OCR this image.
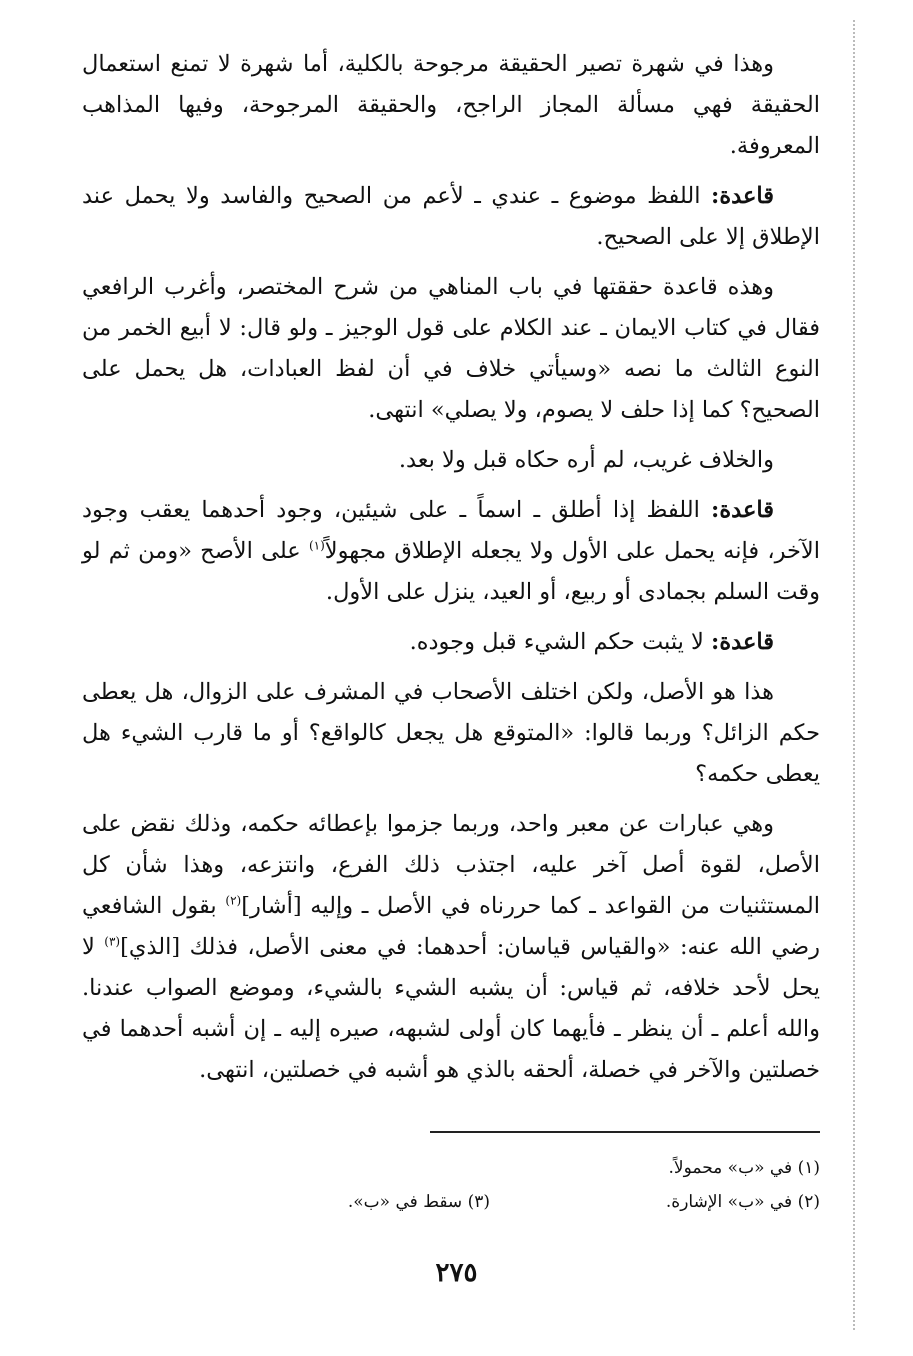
وهذا في شهرة تصير الحقيقة مرجوحة بالكلية، أما شهرة لا تمنع استعمال الحقيقة فهي مسألة المجاز الراجح، والحقيقة المرجوحة، وفيها المذاهب المعروفة.

قاعدة: اللفظ موضوع ـ عندي ـ لأعم من الصحيح والفاسد ولا يحمل عند الإطلاق إلا على الصحيح.

وهذه قاعدة حققتها في باب المناهي من شرح المختصر، وأغرب الرافعي فقال في كتاب الايمان ـ عند الكلام على قول الوجيز ـ ولو قال: لا أبيع الخمر من النوع الثالث ما نصه «وسيأتي خلاف في أن لفظ العبادات، هل يحمل على الصحيح؟ كما إذا حلف لا يصوم، ولا يصلي» انتهى.

والخلاف غريب، لم أره حكاه قبل ولا بعد.

قاعدة: اللفظ إذا أطلق ـ اسماً ـ على شيئين، وجود أحدهما يعقب وجود الآخر، فإنه يحمل على الأول ولا يجعله الإطلاق مجهولاً$^{(١)}$ على الأصح «ومن ثم لو وقت السلم بجمادى أو ربيع، أو العيد، ينزل على الأول.

قاعدة: لا يثبت حكم الشيء قبل وجوده.

هذا هو الأصل، ولكن اختلف الأصحاب في المشرف على الزوال، هل يعطى حكم الزائل؟ وربما قالوا: «المتوقع هل يجعل كالواقع؟ أو ما قارب الشيء هل يعطى حكمه؟

وهي عبارات عن معبر واحد، وربما جزموا بإعطائه حكمه، وذلك نقض على الأصل، لقوة أصل آخر عليه، اجتذب ذلك الفرع، وانتزعه، وهذا شأن كل المستثنيات من القواعد ـ كما حررناه في الأصل ـ وإليه [أشار]$^{(٢)}$ بقول الشافعي رضي الله عنه: «والقياس قياسان: أحدهما: في معنى الأصل، فذلك [الذي]$^{(٣)}$ لا يحل لأحد خلافه، ثم قياس: أن يشبه الشيء بالشيء، وموضع الصواب عندنا. والله أعلم ـ أن ينظر ـ فأيهما كان أولى لشبهه، صيره إليه ـ إن أشبه أحدهما في خصلتين والآخر في خصلة، ألحقه بالذي هو أشبه في خصلتين، انتهى.

(١) في «ب» محمولاً.
(٢) في «ب» الإشارة.
(٣) سقط في «ب».
٢٧٥
